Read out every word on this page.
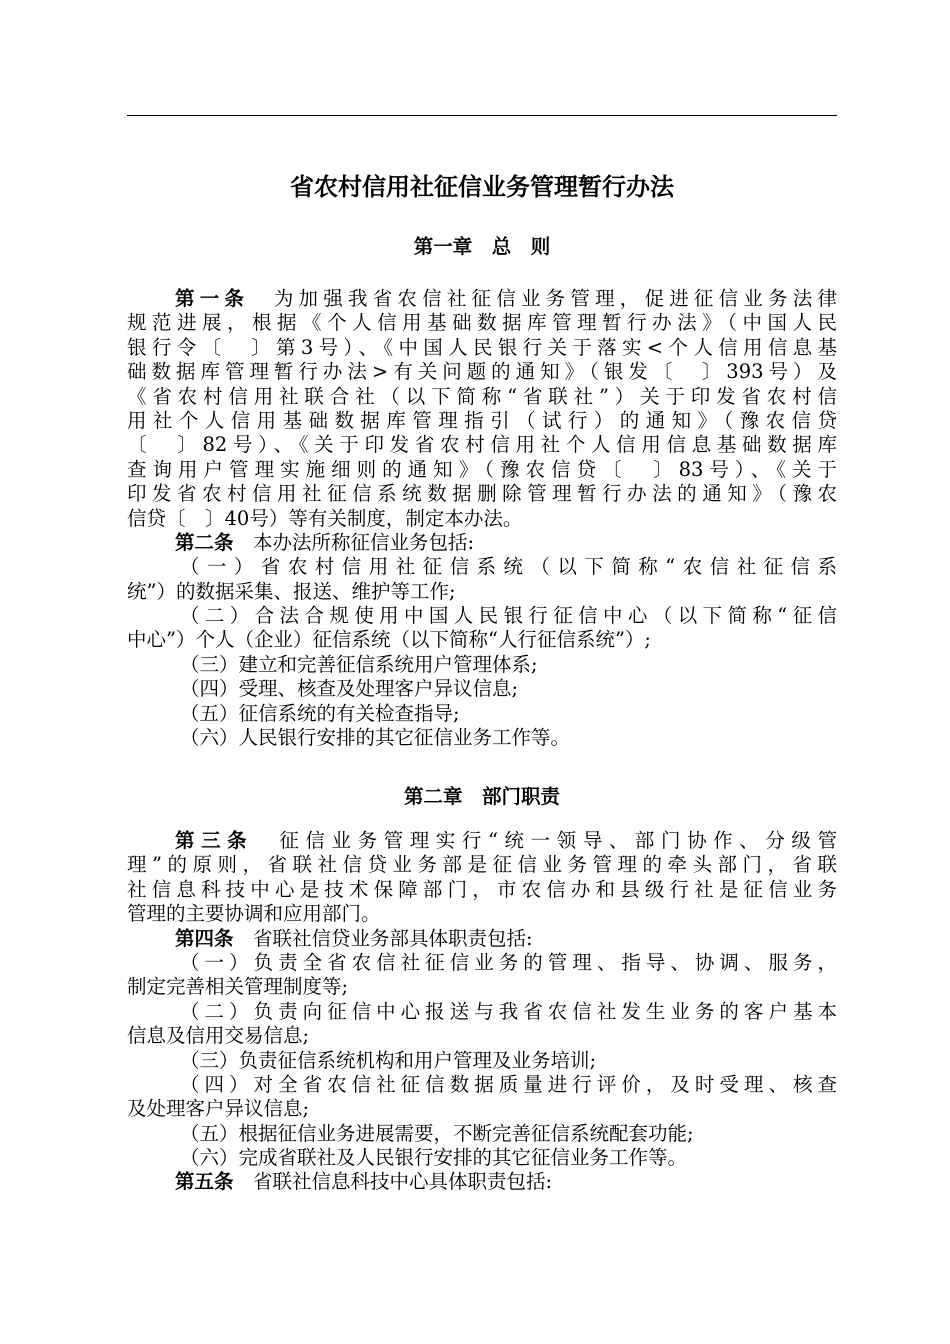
省农村信用社征信业务管理暂行办法
第一章　总　则
第一条　为加强我省农信社征信业务管理，促进征信业务法律
规范进展，根据《个人信用基础数据库管理暂行办法》（中国人民
银行令〔　〕第3号）、《中国人民银行关于落实<个人信用信息基
础数据库管理暂行办法>有关问题的通知》（银发〔　〕393号）及
《省农村信用社联合社（以下简称“省联社”）关于印发省农村信
用社个人信用基础数据库管理指引（试行）的通知》（豫农信贷
〔　〕82号）、《关于印发省农村信用社个人信用信息基础数据库
查询用户管理实施细则的通知》（豫农信贷〔　〕83号）、《关于
印发省农村信用社征信系统数据删除管理暂行办法的通知》（豫农
信贷〔　〕40号）等有关制度，制定本办法。
第二条　本办法所称征信业务包括:
（一）省农村信用社征信系统（以下简称“农信社征信系
统”）的数据采集、报送、维护等工作;
（二）合法合规使用中国人民银行征信中心（以下简称“征信
中心”）个人（企业）征信系统（以下简称“人行征信系统”）;
（三）建立和完善征信系统用户管理体系;
（四）受理、核查及处理客户异议信息;
（五）征信系统的有关检查指导;
（六）人民银行安排的其它征信业务工作等。
第二章　部门职责
第三条　征信业务管理实行“统一领导、部门协作、分级管
理”的原则，省联社信贷业务部是征信业务管理的牵头部门，省联
社信息科技中心是技术保障部门，市农信办和县级行社是征信业务
管理的主要协调和应用部门。
第四条　省联社信贷业务部具体职责包括:
（一）负责全省农信社征信业务的管理、指导、协调、服务，
制定完善相关管理制度等;
（二）负责向征信中心报送与我省农信社发生业务的客户基本
信息及信用交易信息;
（三）负责征信系统机构和用户管理及业务培训;
（四）对全省农信社征信数据质量进行评价，及时受理、核查
及处理客户异议信息;
（五）根据征信业务进展需要，不断完善征信系统配套功能;
（六）完成省联社及人民银行安排的其它征信业务工作等。
第五条　省联社信息科技中心具体职责包括:
